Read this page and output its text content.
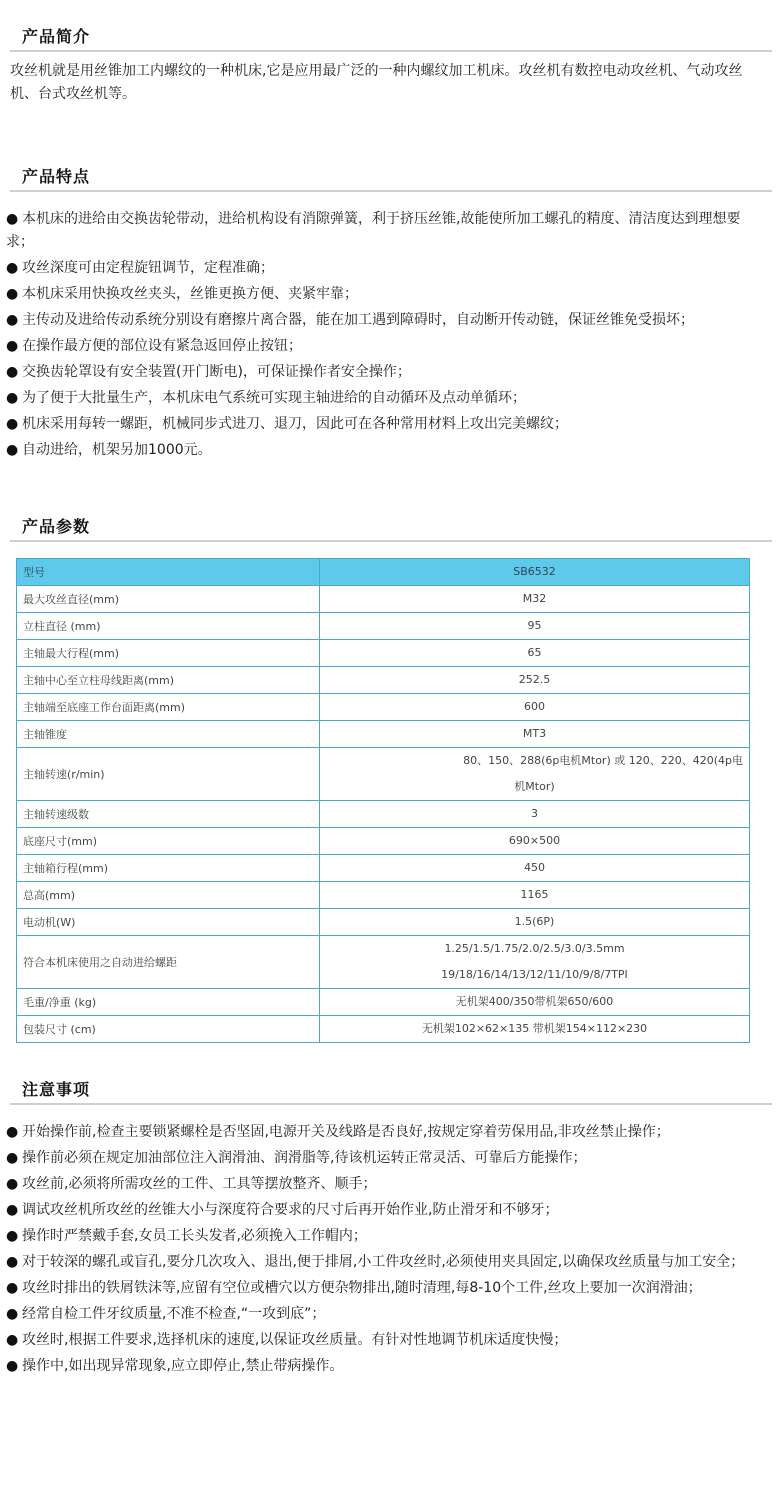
产品简介

攻丝机就是用丝锥加工内螺纹的一种机床,它是应用最广泛的一种内螺纹加工机床。攻丝机有数控电动攻丝机、气动攻丝机、台式攻丝机等。

产品特点
● 本机床的进给由交换齿轮带动，进给机构设有消隙弹簧，利于挤压丝锥,故能使所加工螺孔的精度、清洁度达到理想要求；
● 攻丝深度可由定程旋钮调节，定程准确；
● 本机床采用快换攻丝夹头，丝锥更换方便、夹紧牢靠；
● 主传动及进给传动系统分别设有磨擦片离合器，能在加工遇到障碍时，自动断开传动链，保证丝锥免受损坏；
● 在操作最方便的部位设有紧急返回停止按钮；
● 交换齿轮罩设有安全装置(开门断电)，可保证操作者安全操作；
● 为了便于大批量生产，本机床电气系统可实现主轴进给的自动循环及点动单循环；
● 机床采用每转一螺距，机械同步式进刀、退刀，因此可在各种常用材料上攻出完美螺纹；
● 自动进给，机架另加1000元。
产品参数
型号	SB6532
最大攻丝直径(mm)	M32
立柱直径 (mm)	95
主轴最大行程(mm)	65
主轴中心至立柱母线距离(mm)	252.5
主轴端至底座工作台面距离(mm)	600
主轴锥度	MT3
主轴转速(r/min)	80、150、288(6p电机Mtor) 或 120、220、420(4p电
机Mtor)

主轴转速级数	3
底座尺寸(mm)	690×500
主轴箱行程(mm)	450
总高(mm)	1165
电动机(W)	1.5(6P)
符合本机床使用之自动进给螺距	1.25/1.5/1.75/2.0/2.5/3.0/3.5mm
19/18/16/14/13/12/11/10/9/8/7TPI

毛重/净重 (kg)	无机架400/350带机架650/600
包装尺寸 (cm)	无机架102×62×135 带机架154×112×230
注意事项
● 开始操作前,检查主要锁紧螺栓是否坚固,电源开关及线路是否良好,按规定穿着劳保用品,非攻丝禁止操作；
● 操作前必须在规定加油部位注入润滑油、润滑脂等,待该机运转正常灵活、可靠后方能操作；
● 攻丝前,必须将所需攻丝的工件、工具等摆放整齐、顺手；
● 调试攻丝机所攻丝的丝锥大小与深度符合要求的尺寸后再开始作业,防止滑牙和不够牙；
● 操作时严禁戴手套,女员工长头发者,必须挽入工作帽内；
● 对于较深的螺孔或盲孔,要分几次攻入、退出,便于排屑,小工件攻丝时,必须使用夹具固定,以确保攻丝质量与加工安全；
● 攻丝时排出的铁屑铁沫等,应留有空位或槽穴以方便杂物排出,随时清理,每8-10个工件,丝攻上要加一次润滑油；
● 经常自检工件牙纹质量,不准不检查,“一攻到底”；
● 攻丝时,根据工件要求,选择机床的速度,以保证攻丝质量。有针对性地调节机床适度快慢；
● 操作中,如出现异常现象,应立即停止,禁止带病操作。
